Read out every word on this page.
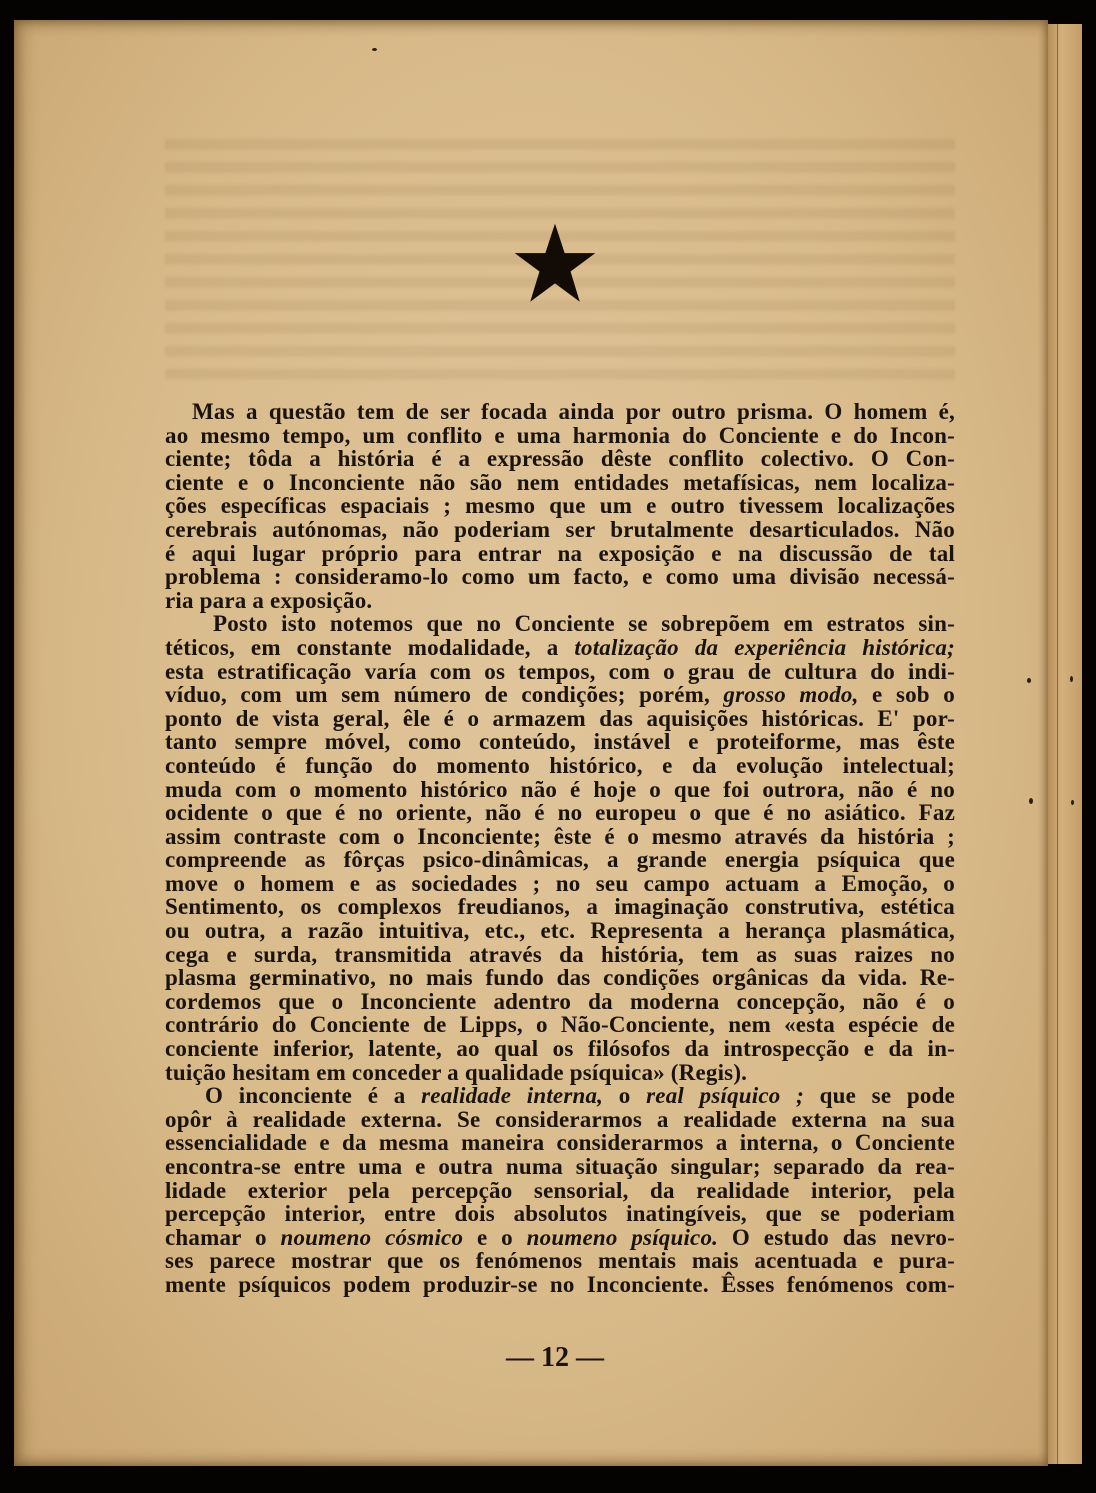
Mas a questão tem de ser focada ainda por outro prisma. O homem é,
ao mesmo tempo, um conflito e uma harmonia do Conciente e do Incon-
ciente; tôda a história é a expressão dêste conflito colectivo. O Con-
ciente e o Inconciente não são nem entidades metafísicas, nem localiza-
ções específicas espaciais ; mesmo que um e outro tivessem localizações
cerebrais autónomas, não poderiam ser brutalmente desarticulados. Não
é aqui lugar próprio para entrar na exposição e na discussão de tal
problema : consideramo-lo como um facto, e como uma divisão necessá-
ria para a exposição.
Posto isto notemos que no Conciente se sobrepõem em estratos sin-
téticos, em constante modalidade, a totalização da experiência histórica;
esta estratificação varía com os tempos, com o grau de cultura do indi-
víduo, com um sem número de condições; porém, grosso modo, e sob o
ponto de vista geral, êle é o armazem das aquisições históricas. E' por-
tanto sempre móvel, como conteúdo, instável e proteiforme, mas êste
conteúdo é função do momento histórico, e da evolução intelectual;
muda com o momento histórico não é hoje o que foi outrora, não é no
ocidente o que é no oriente, não é no europeu o que é no asiático. Faz
assim contraste com o Inconciente; êste é o mesmo através da história ;
compreende as fôrças psico-dinâmicas, a grande energia psíquica que
move o homem e as sociedades ; no seu campo actuam a Emoção, o
Sentimento, os complexos freudianos, a imaginação construtiva, estética
ou outra, a razão intuitiva, etc., etc. Representa a herança plasmática,
cega e surda, transmitida através da história, tem as suas raizes no
plasma germinativo, no mais fundo das condições orgânicas da vida. Re-
cordemos que o Inconciente adentro da moderna concepção, não é o
contrário do Conciente de Lipps, o Não-Conciente, nem «esta espécie de
conciente inferior, latente, ao qual os filósofos da introspecção e da in-
tuição hesitam em conceder a qualidade psíquica» (Regis).
O inconciente é a realidade interna, o real psíquico ; que se pode
opôr à realidade externa. Se considerarmos a realidade externa na sua
essencialidade e da mesma maneira considerarmos a interna, o Conciente
encontra-se entre uma e outra numa situação singular; separado da rea-
lidade exterior pela percepção sensorial, da realidade interior, pela
percepção interior, entre dois absolutos inatingíveis, que se poderiam
chamar o noumeno cósmico e o noumeno psíquico. O estudo das nevro-
ses parece mostrar que os fenómenos mentais mais acentuada e pura-
mente psíquicos podem produzir-se no Inconciente. Êsses fenómenos com-
— 12 —
